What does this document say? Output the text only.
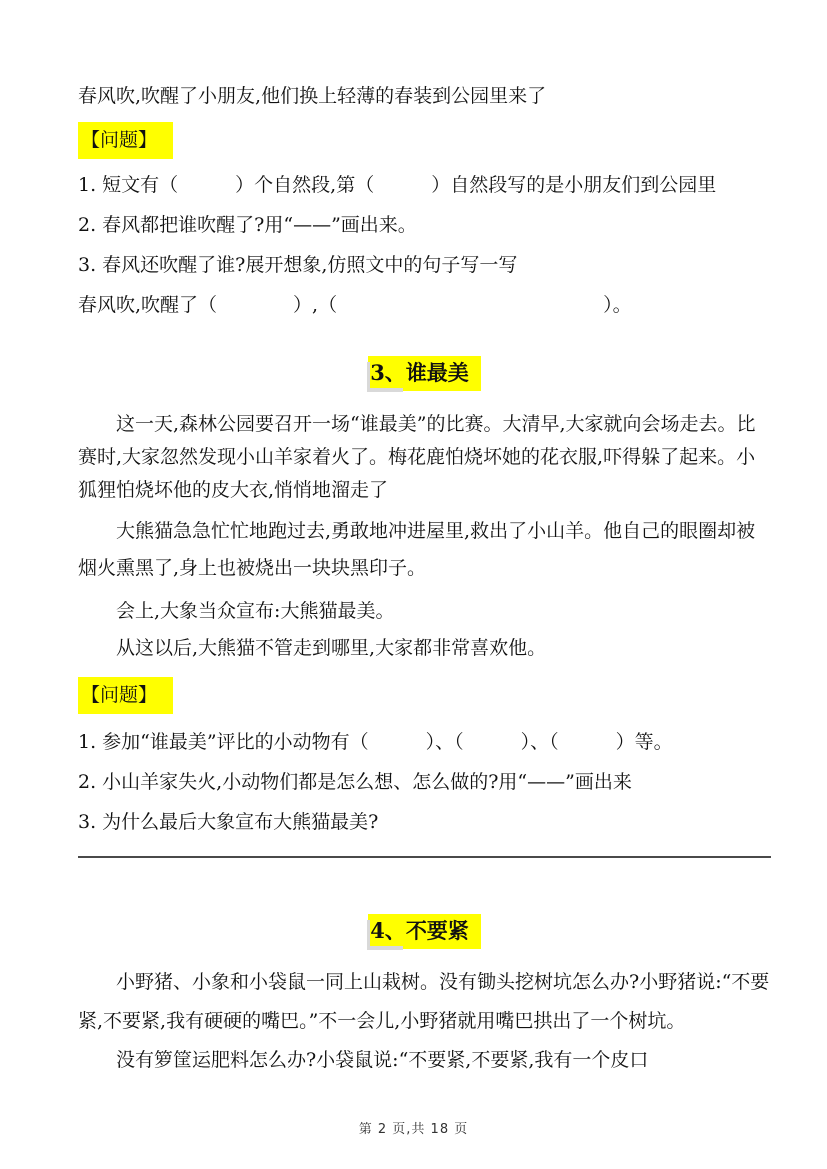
春风吹,吹醒了小朋友,他们换上轻薄的春装到公园里来了

【问题】

1. 短文有（　　　）个自然段,第（　　　）自然段写的是小朋友们到公园里

2. 春风都把谁吹醒了?用“——”画出来。

3. 春风还吹醒了谁?展开想象,仿照文中的句子写一写

春风吹,吹醒了（　　　　）,（　　　　　　　　　　　　　　）。

3、谁最美

这一天,森林公园要召开一场“谁最美”的比赛。大清早,大家就向会场走去。比赛时,大家忽然发现小山羊家着火了。梅花鹿怕烧坏她的花衣服,吓得躲了起来。小狐狸怕烧坏他的皮大衣,悄悄地溜走了

大熊猫急急忙忙地跑过去,勇敢地冲进屋里,救出了小山羊。他自己的眼圈却被烟火熏黑了,身上也被烧出一块块黑印子。

会上,大象当众宣布:大熊猫最美。

从这以后,大熊猫不管走到哪里,大家都非常喜欢他。

【问题】

1. 参加“谁最美”评比的小动物有（　　　）、（　　　）、（　　　）等。

2. 小山羊家失火,小动物们都是怎么想、怎么做的?用“——”画出来

3. 为什么最后大象宣布大熊猫最美?

4、不要紧

小野猪、小象和小袋鼠一同上山栽树。没有锄头挖树坑怎么办?小野猪说:“不要紧,不要紧,我有硬硬的嘴巴。”不一会儿,小野猪就用嘴巴拱出了一个树坑。

没有箩筐运肥料怎么办?小袋鼠说:“不要紧,不要紧,我有一个皮口

第 2 页,共 18 页
